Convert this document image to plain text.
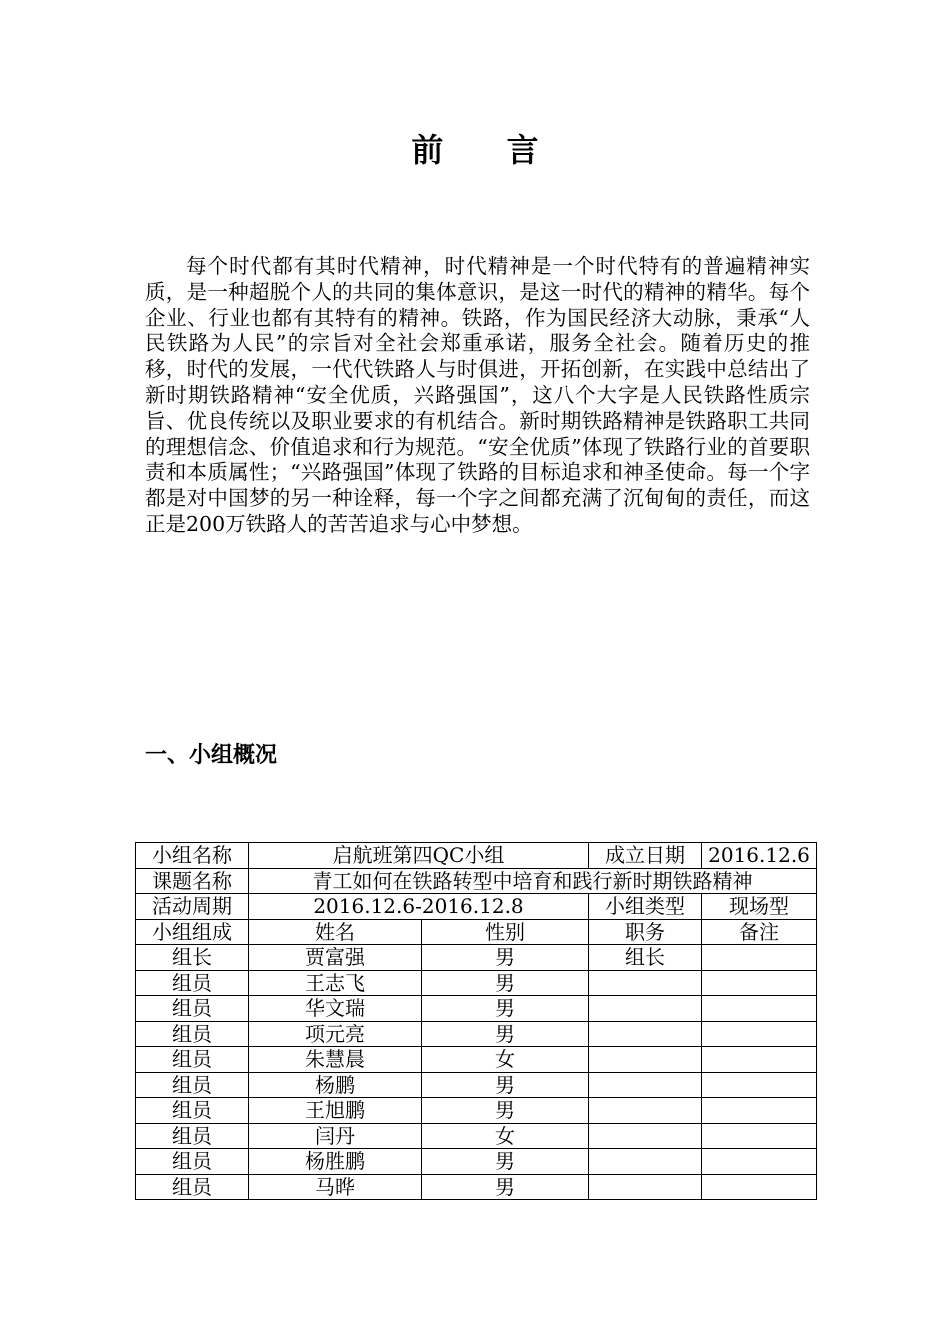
前 言

每个时代都有其时代精神，时代精神是一个时代特有的普遍精神实质，是一种超脱个人的共同的集体意识，是这一时代的精神的精华。每个企业、行业也都有其特有的精神。铁路，作为国民经济大动脉，秉承“人民铁路为人民”的宗旨对全社会郑重承诺，服务全社会。随着历史的推移，时代的发展，一代代铁路人与时俱进，开拓创新，在实践中总结出了新时期铁路精神“安全优质，兴路强国”，这八个大字是人民铁路性质宗旨、优良传统以及职业要求的有机结合。新时期铁路精神是铁路职工共同的理想信念、价值追求和行为规范。“安全优质”体现了铁路行业的首要职责和本质属性；“兴路强国”体现了铁路的目标追求和神圣使命。每一个字都是对中国梦的另一种诠释，每一个字之间都充满了沉甸甸的责任，而这正是200万铁路人的苦苦追求与心中梦想。

一、小组概况
小组名称	启航班第四QC小组		成立日期	2016.12.6
课题名称	青工如何在铁路转型中培育和践行新时期铁路精神			
活动周期	2016.12.6-2016.12.8		小组类型	现场型
小组组成	姓名	性别	职务	备注
组长	贾富强	男	组长	
组员	王志飞	男		
组员	华文瑞	男		
组员	项元亮	男		
组员	朱慧晨	女		
组员	杨鹏	男		
组员	王旭鹏	男		
组员	闫丹	女		
组员	杨胜鹏	男		
组员	马晔	男		
